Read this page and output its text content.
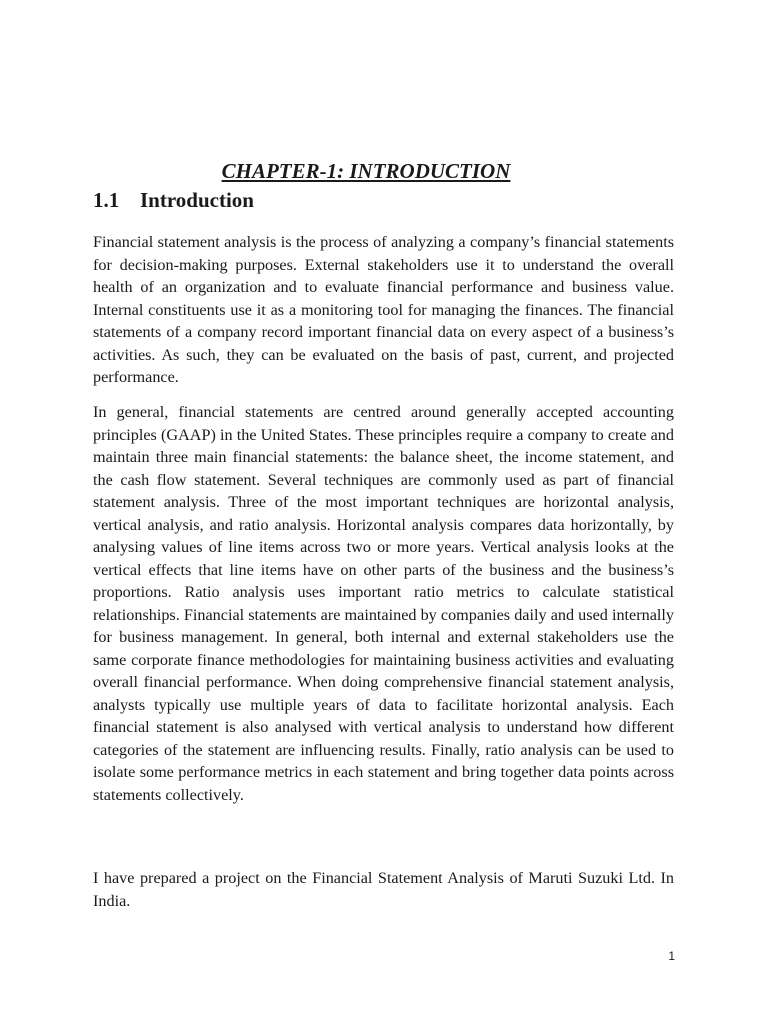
CHAPTER-1: INTRODUCTION
1.1 Introduction

Financial statement analysis is the process of analyzing a company’s financial statements for decision-making purposes. External stakeholders use it to understand the overall health of an organization and to evaluate financial performance and business value. Internal constituents use it as a monitoring tool for managing the finances. The financial statements of a company record important financial data on every aspect of a business’s activities. As such, they can be evaluated on the basis of past, current, and projected performance.

In general, financial statements are centred around generally accepted accounting principles (GAAP) in the United States. These principles require a company to create and maintain three main financial statements: the balance sheet, the income statement, and the cash flow statement. Several techniques are commonly used as part of financial statement analysis. Three of the most important techniques are horizontal analysis, vertical analysis, and ratio analysis. Horizontal analysis compares data horizontally, by analysing values of line items across two or more years. Vertical analysis looks at the vertical effects that line items have on other parts of the business and the business’s proportions. Ratio analysis uses important ratio metrics to calculate statistical relationships. Financial statements are maintained by companies daily and used internally for business management. In general, both internal and external stakeholders use the same corporate finance methodologies for maintaining business activities and evaluating overall financial performance. When doing comprehensive financial statement analysis, analysts typically use multiple years of data to facilitate horizontal analysis. Each financial statement is also analysed with vertical analysis to understand how different categories of the statement are influencing results. Finally, ratio analysis can be used to isolate some performance metrics in each statement and bring together data points across statements collectively.

I have prepared a project on the Financial Statement Analysis of Maruti Suzuki Ltd. In India.

1
